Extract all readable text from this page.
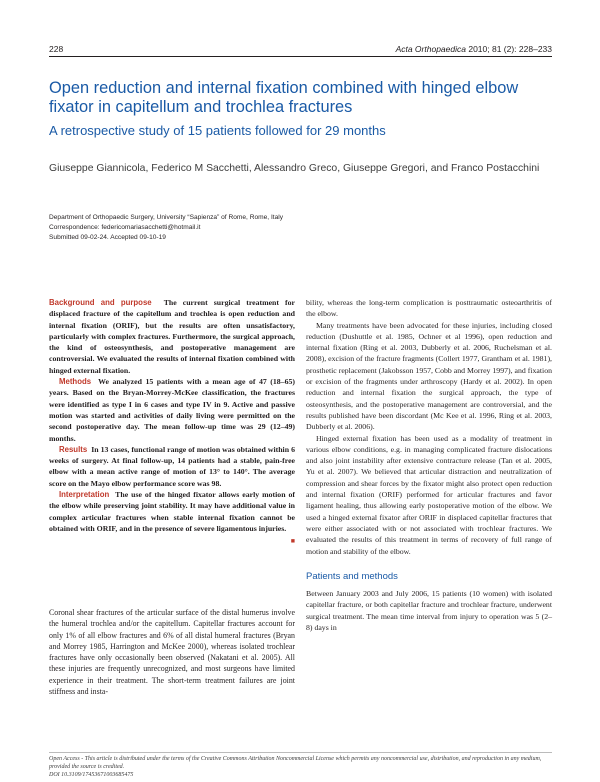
228	Acta Orthopaedica 2010; 81 (2): 228–233
Open reduction and internal fixation combined with hinged elbow fixator in capitellum and trochlea fractures
A retrospective study of 15 patients followed for 29 months
Giuseppe Giannicola, Federico M Sacchetti, Alessandro Greco, Giuseppe Gregori, and Franco Postacchini
Department of Orthopaedic Surgery, University “Sapienza” of Rome, Rome, Italy
Correspondence: federicomariasacchetti@hotmail.it
Submitted 09-02-24. Accepted 09-10-19

Background and purpose The current surgical treatment for displaced fracture of the capitellum and trochlea is open reduction and internal fixation (ORIF), but the results are often unsatisfactory, particularly with complex fractures. Furthermore, the surgical approach, the kind of osteosynthesis, and postoperative management are controversial. We evaluated the results of internal fixation combined with hinged external fixation.

Methods We analyzed 15 patients with a mean age of 47 (18–65) years. Based on the Bryan-Morrey-McKee classification, the fractures were identified as type I in 6 cases and type IV in 9. Active and passive motion was started and activities of daily living were permitted on the second postoperative day. The mean follow-up time was 29 (12–49) months.

Results In 13 cases, functional range of motion was obtained within 6 weeks of surgery. At final follow-up, 14 patients had a stable, pain-free elbow with a mean active range of motion of 13° to 140°. The average score on the Mayo elbow performance score was 98.

Interpretation The use of the hinged fixator allows early motion of the elbow while preserving joint stability. It may have additional value in complex articular fractures when stable internal fixation cannot be obtained with ORIF, and in the presence of severe ligamentous injuries.

■

Coronal shear fractures of the articular surface of the distal humerus involve the humeral trochlea and/or the capitellum. Capitellar fractures account for only 1% of all elbow fractures and 6% of all distal humeral fractures (Bryan and Morrey 1985, Harrington and McKee 2000), whereas isolated trochlear fractures have only occasionally been observed (Nakatani et al. 2005). All these injuries are frequently unrecognized, and most surgeons have limited experience in their treatment. The short-term treatment failures are joint stiffness and insta-

bility, whereas the long-term complication is posttraumatic osteoarthritis of the elbow.

Many treatments have been advocated for these injuries, including closed reduction (Dushuttle et al. 1985, Ochner et al 1996), open reduction and internal fixation (Ring et al. 2003, Dubberly et al. 2006, Ruchelsman et al. 2008), excision of the fracture fragments (Collert 1977, Grantham et al. 1981), prosthetic replacement (Jakobsson 1957, Cobb and Morrey 1997), and fixation or excision of the fragments under arthroscopy (Hardy et al. 2002). In open reduction and internal fixation the surgical approach, the type of osteosynthesis, and the postoperative management are controversial, and the results published have been discordant (Mc Kee et al. 1996, Ring et al. 2003, Dubberly et al. 2006).

Hinged external fixation has been used as a modality of treatment in various elbow conditions, e.g. in managing complicated fracture dislocations and also joint instability after extensive contracture release (Tan et al. 2005, Yu et al. 2007). We believed that articular distraction and neutralization of compression and shear forces by the fixator might also protect open reduction and internal fixation (ORIF) performed for articular fractures and favor ligament healing, thus allowing early postoperative motion of the elbow. We used a hinged external fixator after ORIF in displaced capitellar fractures that were either associated with or not associated with trochlear fractures. We evaluated the results of this treatment in terms of recovery of full range of motion and stability of the elbow.

Patients and methods

Between January 2003 and July 2006, 15 patients (10 women) with isolated capitellar fracture, or both capitellar fracture and trochlear fracture, underwent surgical treatment. The mean time interval from injury to operation was 5 (2–8) days in

Open Access - This article is distributed under the terms of the Creative Commons Attribution Noncommercial License which permits any noncommercial use, distribution, and reproduction in any medium, provided the source is credited.
DOI 10.3109/17453671003685475
